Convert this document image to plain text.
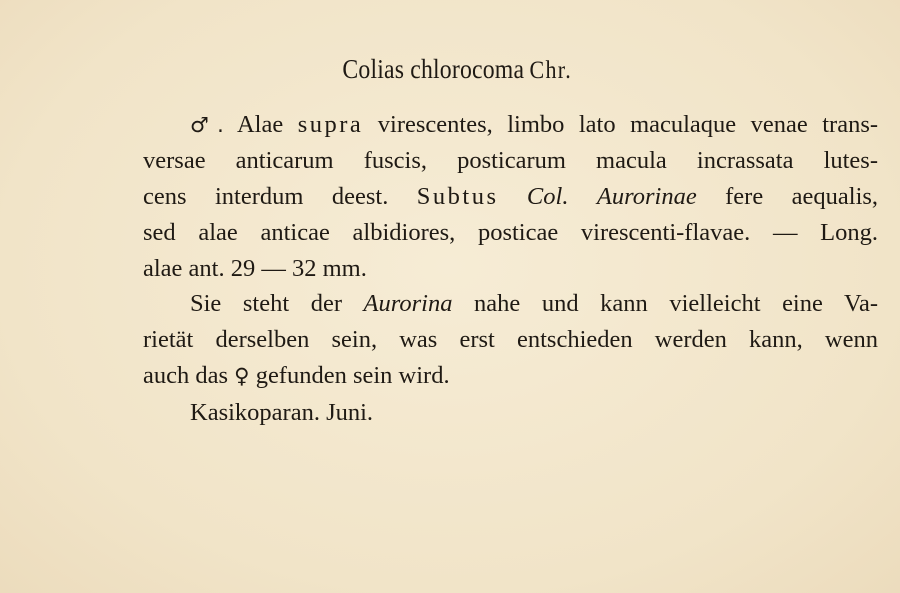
Colias chlorocoma Chr.
♂. Alae supra virescentes, limbo lato maculaque venae trans-
versae anticarum fuscis, posticarum macula incrassata lutes-
cens interdum deest. Subtus Col. Aurorinae fere aequalis,
sed alae anticae albidiores, posticae virescenti-flavae. — Long.
alae ant. 29 — 32 mm.
Sie steht der Aurorina nahe und kann vielleicht eine Va-
rietät derselben sein, was erst entschieden werden kann, wenn
auch das ♀ gefunden sein wird.
Kasikoparan. Juni.
